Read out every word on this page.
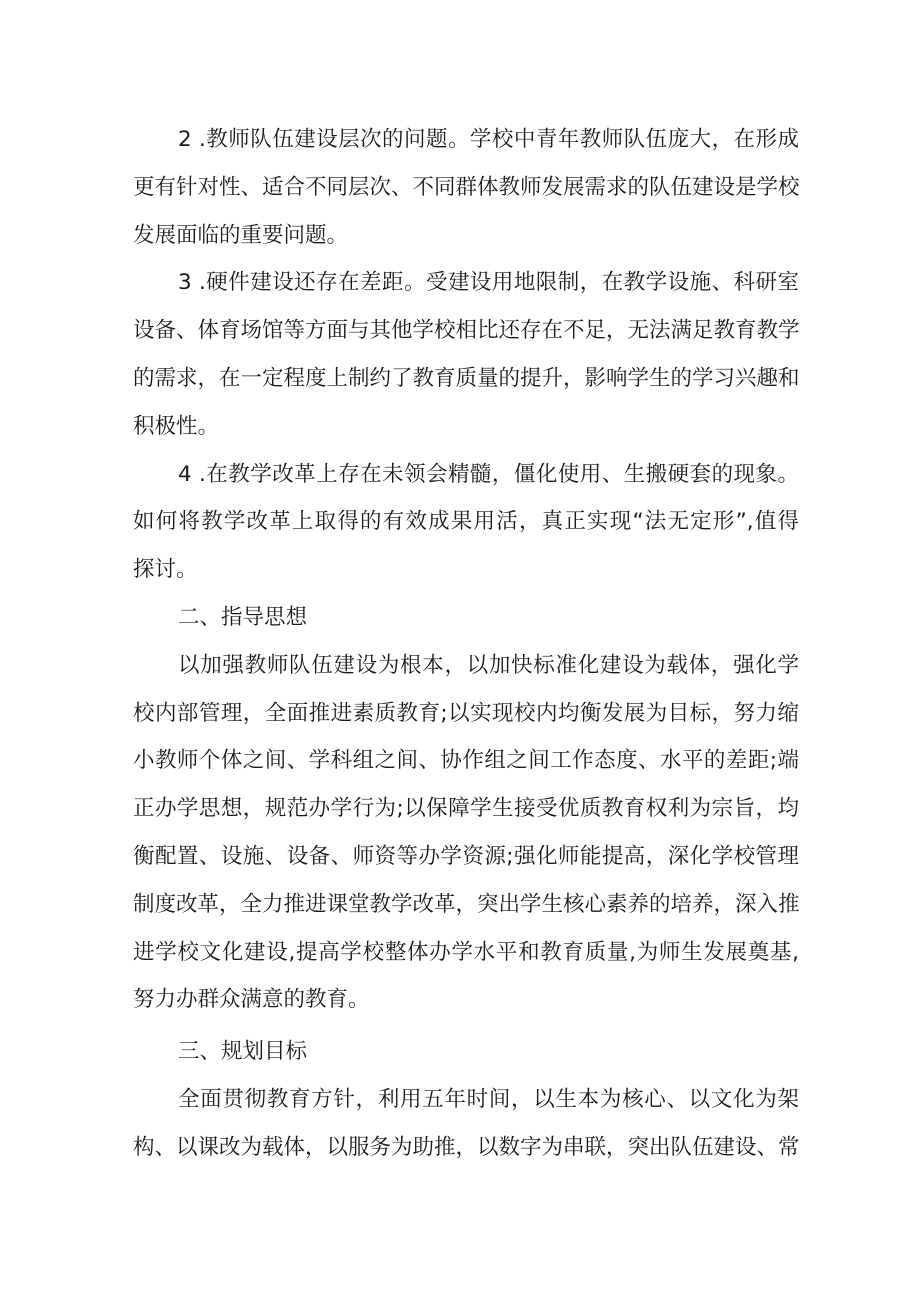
2 .教师队伍建设层次的问题。学校中青年教师队伍庞大，在形成
更有针对性、适合不同层次、不同群体教师发展需求的队伍建设是学校
发展面临的重要问题。
3 .硬件建设还存在差距。受建设用地限制，在教学设施、科研室
设备、体育场馆等方面与其他学校相比还存在不足，无法满足教育教学
的需求，在一定程度上制约了教育质量的提升，影响学生的学习兴趣和
积极性。
4 .在教学改革上存在未领会精髓，僵化使用、生搬硬套的现象。
如何将教学改革上取得的有效成果用活，真正实现“法无定形”,值得
探讨。
二、指导思想
以加强教师队伍建设为根本，以加快标准化建设为载体，强化学
校内部管理，全面推进素质教育;以实现校内均衡发展为目标，努力缩
小教师个体之间、学科组之间、协作组之间工作态度、水平的差距;端
正办学思想，规范办学行为;以保障学生接受优质教育权利为宗旨，均
衡配置、设施、设备、师资等办学资源;强化师能提高，深化学校管理
制度改革，全力推进课堂教学改革，突出学生核心素养的培养，深入推
进学校文化建设,提高学校整体办学水平和教育质量,为师生发展奠基,
努力办群众满意的教育。
三、规划目标
全面贯彻教育方针，利用五年时间，以生本为核心、以文化为架
构、以课改为载体，以服务为助推，以数字为串联，突出队伍建设、常
